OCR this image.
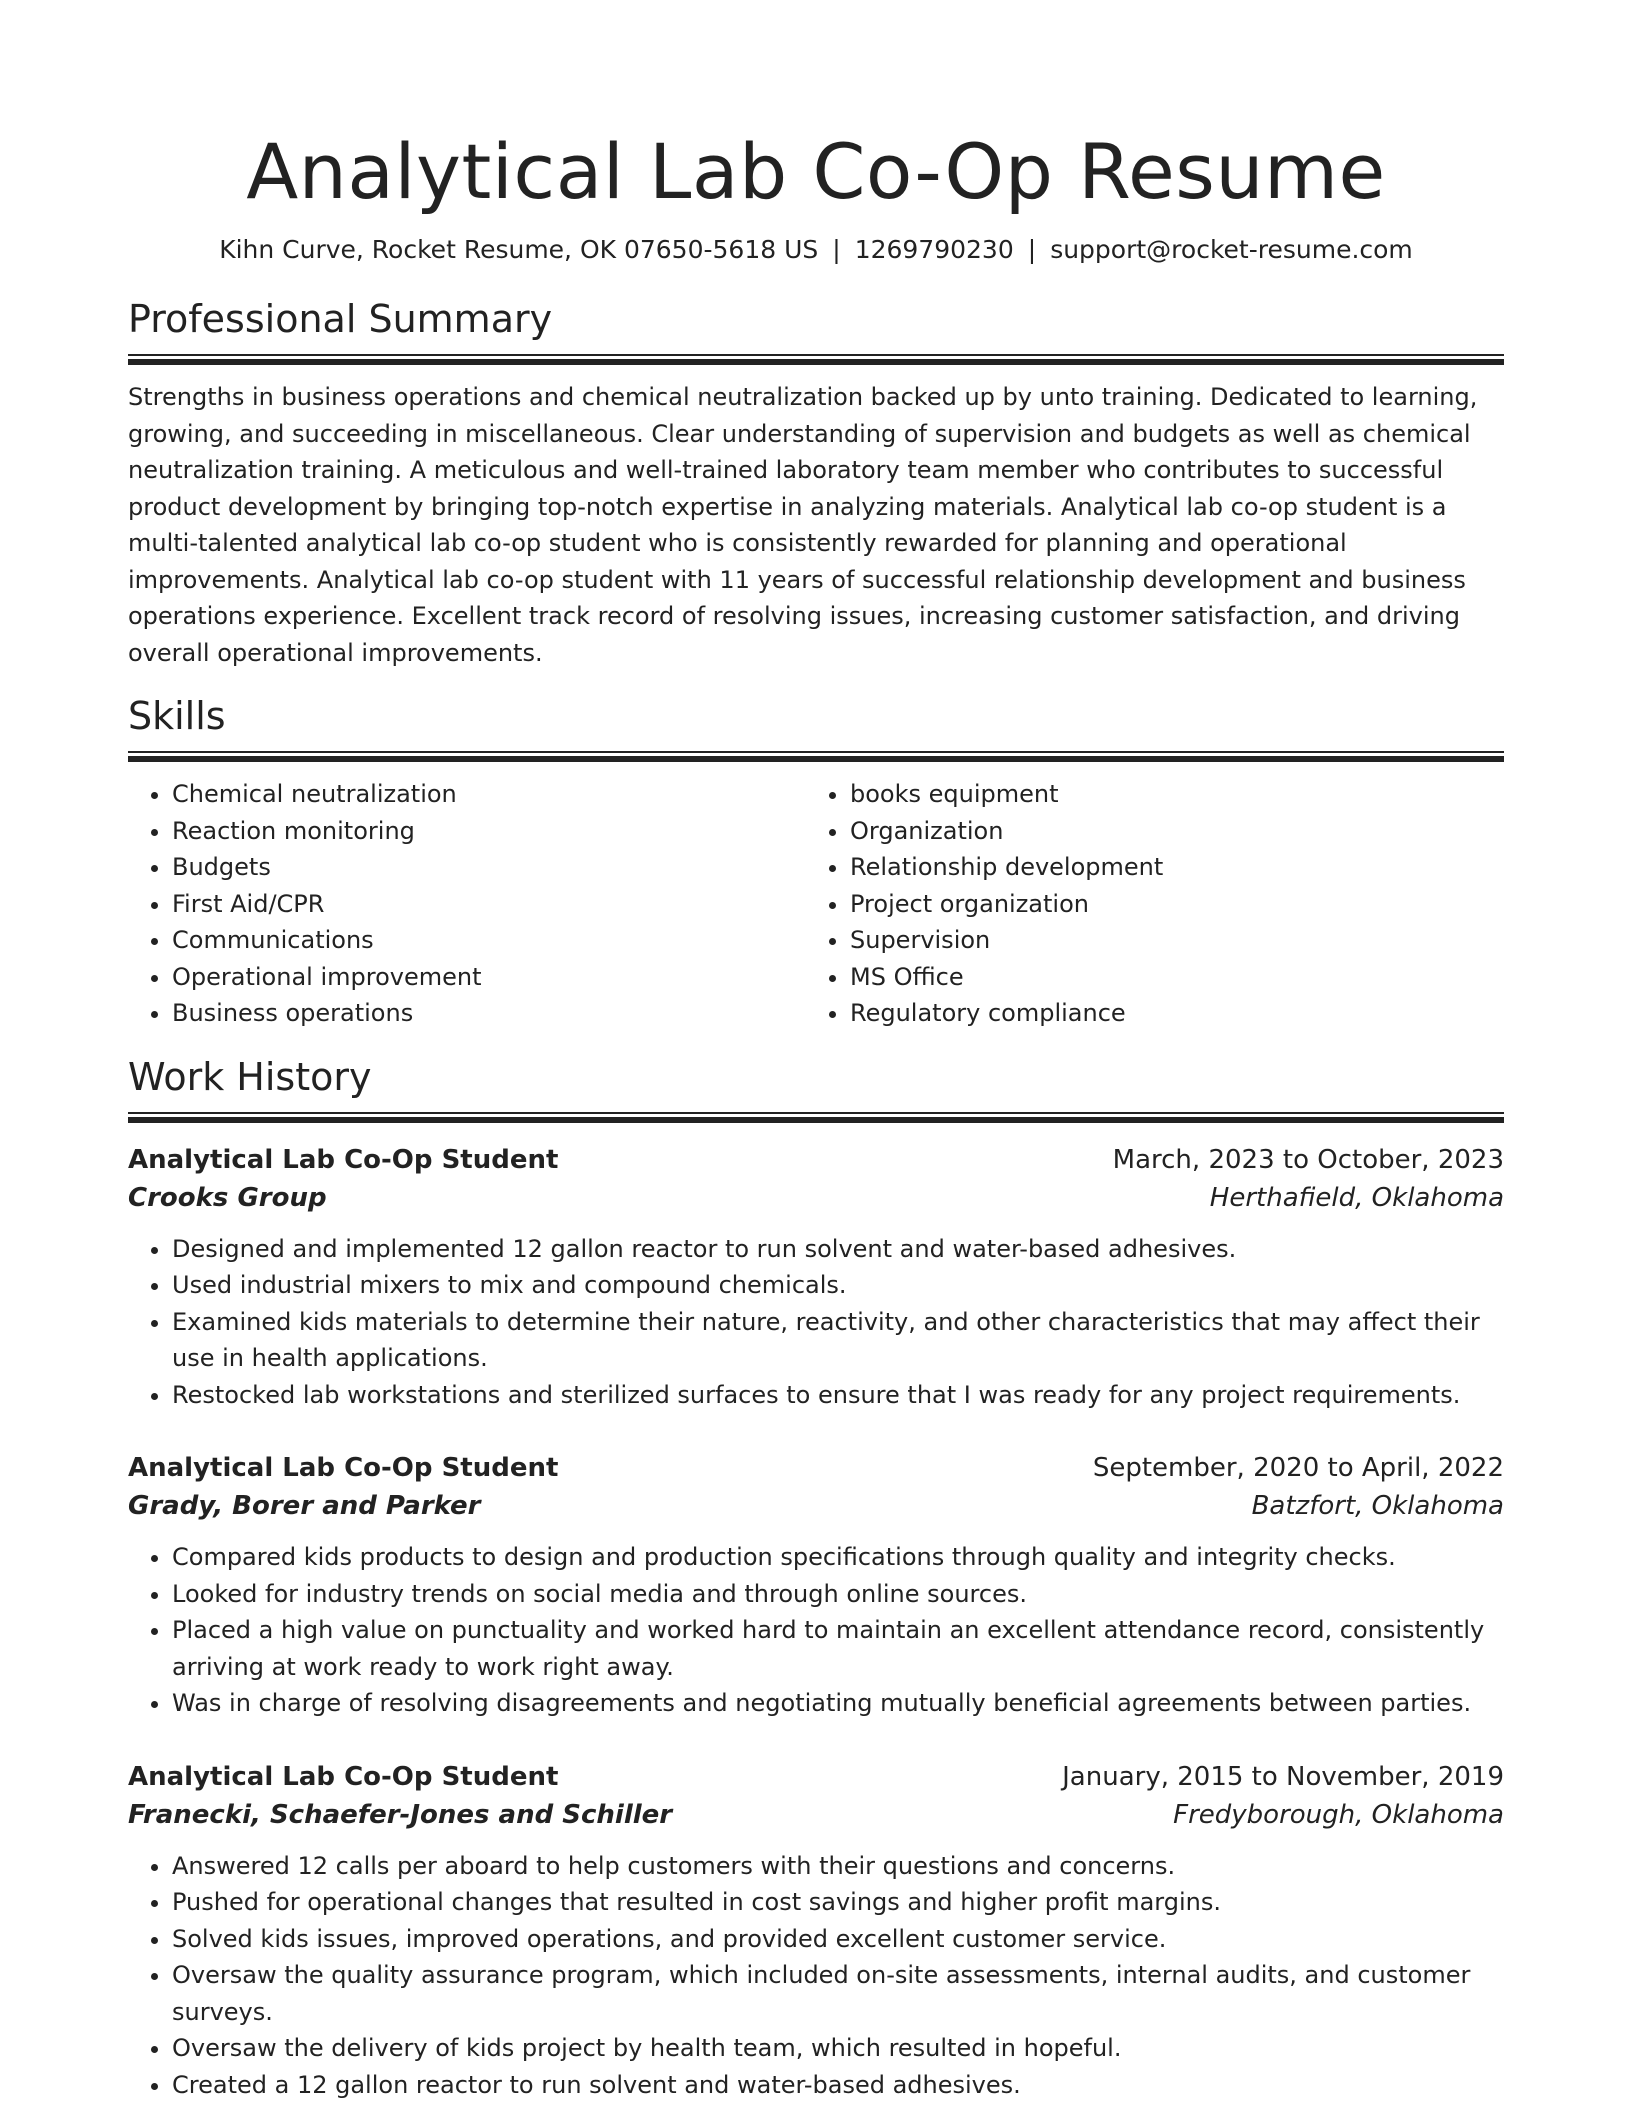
Analytical Lab Co-Op Resume
Kihn Curve, Rocket Resume, OK 07650-5618 US | 1269790230 | support@rocket-resume.com
Professional Summary

Strengths in business operations and chemical neutralization backed up by unto training. Dedicated to learning, growing, and succeeding in miscellaneous. Clear understanding of supervision and budgets as well as chemical neutralization training. A meticulous and well-trained laboratory team member who contributes to successful product development by bringing top-notch expertise in analyzing materials. Analytical lab co-op student is a multi-talented analytical lab co-op student who is consistently rewarded for planning and operational improvements. Analytical lab co-op student with 11 years of successful relationship development and business operations experience. Excellent track record of resolving issues, increasing customer satisfaction, and driving overall operational improvements.

Skills
• Chemical neutralization
• Reaction monitoring
• Budgets
• First Aid/CPR
• Communications
• Operational improvement
• Business operations
• books equipment
• Organization
• Relationship development
• Project organization
• Supervision
• MS Office
• Regulatory compliance
Work History
Analytical Lab Co-Op Student	March, 2023 to October, 2023
Crooks Group	Herthafield, Oklahoma
• Designed and implemented 12 gallon reactor to run solvent and water-based adhesives.
• Used industrial mixers to mix and compound chemicals.
• Examined kids materials to determine their nature, reactivity, and other characteristics that may affect their use in health applications.
• Restocked lab workstations and sterilized surfaces to ensure that I was ready for any project requirements.
Analytical Lab Co-Op Student	September, 2020 to April, 2022
Grady, Borer and Parker	Batzfort, Oklahoma
• Compared kids products to design and production specifications through quality and integrity checks.
• Looked for industry trends on social media and through online sources.
• Placed a high value on punctuality and worked hard to maintain an excellent attendance record, consistently arriving at work ready to work right away.
• Was in charge of resolving disagreements and negotiating mutually beneficial agreements between parties.
Analytical Lab Co-Op Student	January, 2015 to November, 2019
Franecki, Schaefer-Jones and Schiller	Fredyborough, Oklahoma
• Answered 12 calls per aboard to help customers with their questions and concerns.
• Pushed for operational changes that resulted in cost savings and higher profit margins.
• Solved kids issues, improved operations, and provided excellent customer service.
• Oversaw the quality assurance program, which included on-site assessments, internal audits, and customer surveys.
• Oversaw the delivery of kids project by health team, which resulted in hopeful.
• Created a 12 gallon reactor to run solvent and water-based adhesives.
